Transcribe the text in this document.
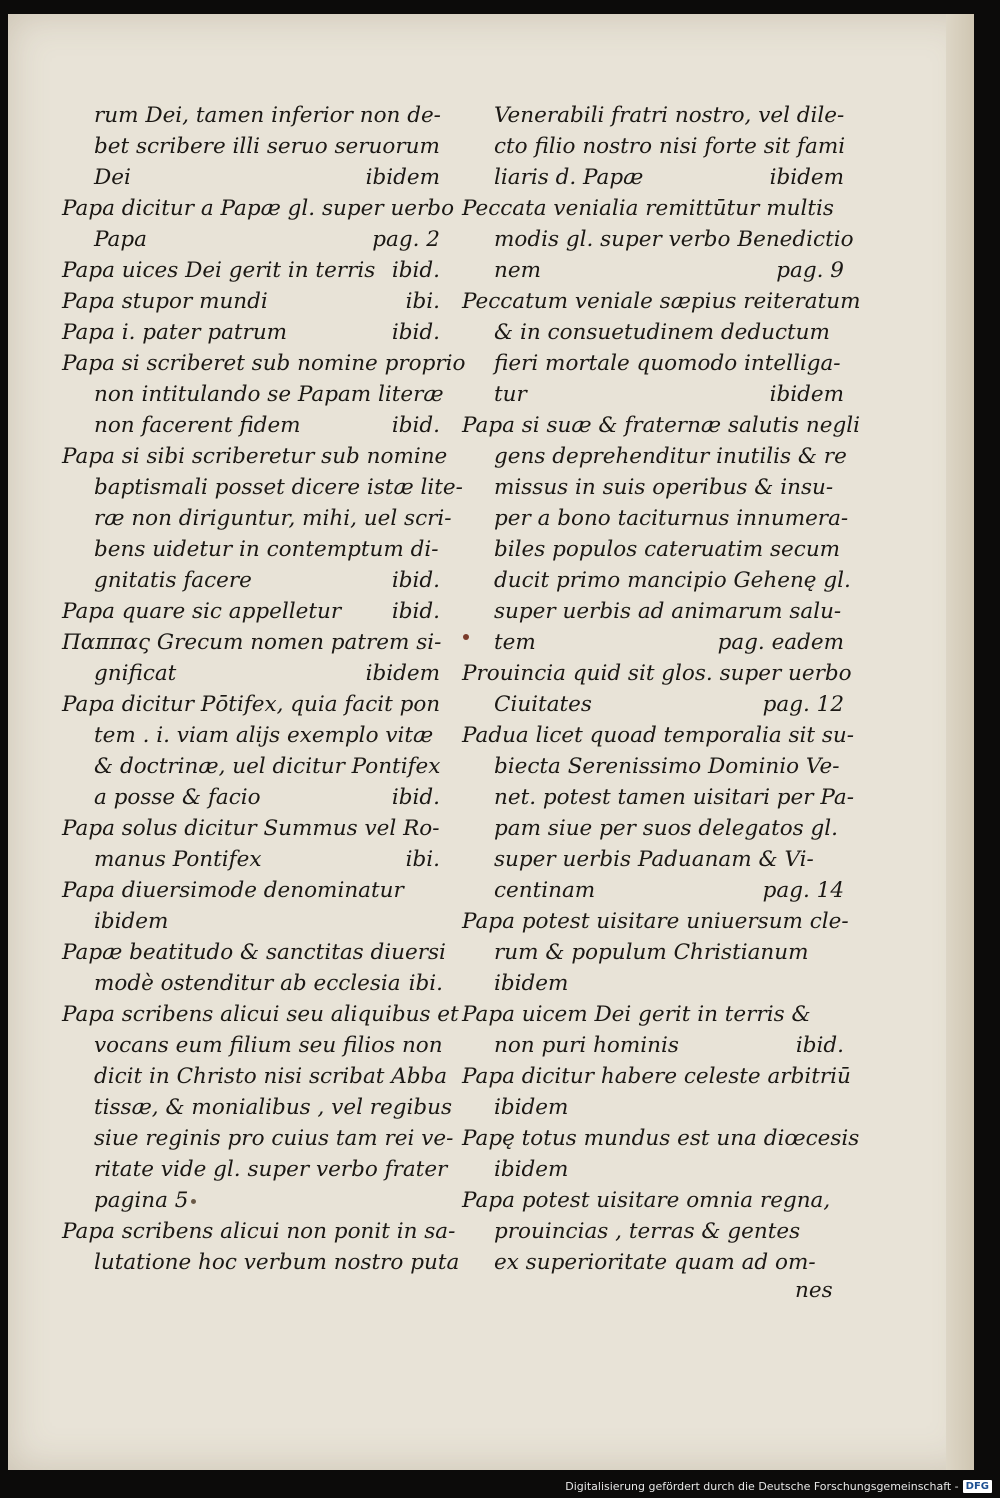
rum Dei, tamen inferior non de-
bet scribere illi seruo seruorum
Dei	ibidem
Papa dicitur a Papæ gl. super uerbo
Papa	pag. 2
Papa uices Dei gerit in terris ibid.
Papa stupor mundi	ibi.
Papa i. pater patrum	ibid.
Papa si scriberet sub nomine proprio
non intitulando se Papam literæ
non facerent fidem	ibid.
Papa si sibi scriberetur sub nomine
baptismali posset dicere istæ lite-
ræ non diriguntur, mihi, uel scri-
bens uidetur in contemptum di-
gnitatis facere	ibid.
Papa quare sic appelletur ibid.
Παππας Grecum nomen patrem si-
gnificat	ibidem
Papa dicitur Pōtifex, quia facit pon
tem . i. viam alijs exemplo vitæ
& doctrinæ, uel dicitur Pontifex
a posse & facio	ibid.
Papa solus dicitur Summus vel Ro-
manus Pontifex	ibi.
Papa diuersimode denominatur
ibidem
Papæ beatitudo & sanctitas diuersi
modè ostenditur ab ecclesia ibi.
Papa scribens alicui seu aliquibus et
vocans eum filium seu filios non
dicit in Christo nisi scribat Abba
tissæ, & monialibus , vel regibus
siue reginis pro cuius tam rei ve-
ritate vide gl. super verbo frater
pagina 5
Papa scribens alicui non ponit in sa-
lutatione hoc verbum nostro puta
Venerabili fratri nostro, vel dile-
cto filio nostro nisi forte sit fami
liaris d. Papæ	ibidem
Peccata venialia remittūtur multis
modis gl. super verbo Benedictio
nem	pag. 9
Peccatum veniale sæpius reiteratum
& in consuetudinem deductum
fieri mortale quomodo intelliga-
tur	ibidem
Papa si suæ & fraternæ salutis negli
gens deprehenditur inutilis & re
missus in suis operibus & insu-
per a bono taciturnus innumera-
biles populos cateruatim secum
ducit primo mancipio Gehenę gl.
super uerbis ad animarum salu-
tem	pag. eadem
Prouincia quid sit glos. super uerbo
Ciuitates	pag. 12
Padua licet quoad temporalia sit su-
biecta Serenissimo Dominio Ve-
net. potest tamen uisitari per Pa-
pam siue per suos delegatos gl.
super uerbis Paduanam & Vi-
centinam	pag. 14
Papa potest uisitare uniuersum cle-
rum & populum Christianum
ibidem
Papa uicem Dei gerit in terris &
non puri hominis	ibid.
Papa dicitur habere celeste arbitriū
ibidem
Papę totus mundus est una diœcesis
ibidem
Papa potest uisitare omnia regna,
prouincias , terras & gentes
ex superioritate quam ad om-
nes
Digitalisierung gefördert durch die Deutsche Forschungsgemeinschaft - DFG
